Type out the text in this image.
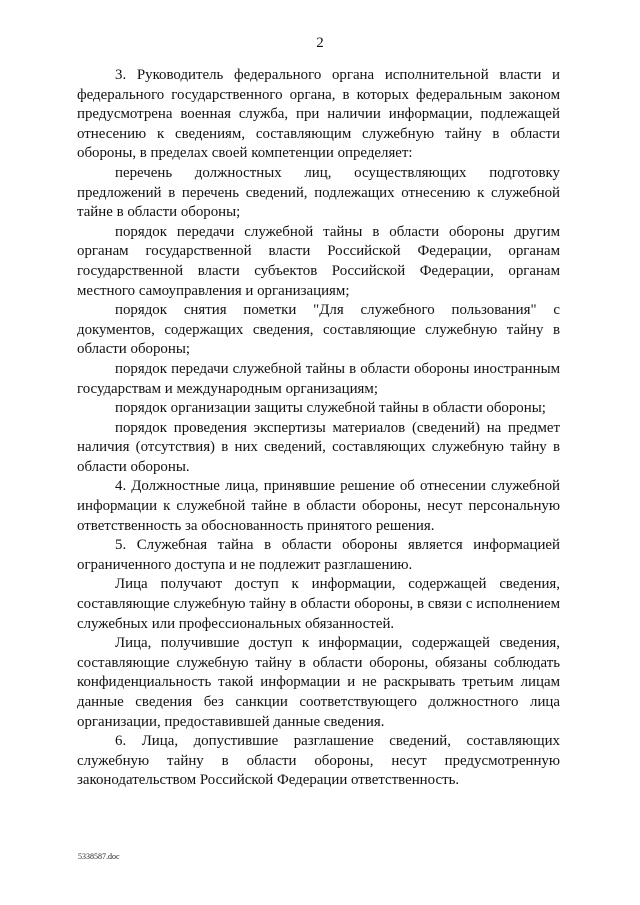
2

3. Руководитель федерального органа исполнительной власти и федерального государственного органа, в которых федеральным законом предусмотрена военная служба, при наличии информации, подлежащей отнесению к сведениям, составляющим служебную тайну в области обороны, в пределах своей компетенции определяет:

перечень должностных лиц, осуществляющих подготовку предложений в перечень сведений, подлежащих отнесению к служебной тайне в области обороны;

порядок передачи служебной тайны в области обороны другим органам государственной власти Российской Федерации, органам государственной власти субъектов Российской Федерации, органам местного самоуправления и организациям;

порядок снятия пометки "Для служебного пользования" с документов, содержащих сведения, составляющие служебную тайну в области обороны;

порядок передачи служебной тайны в области обороны иностранным государствам и международным организациям;

порядок организации защиты служебной тайны в области обороны;

порядок проведения экспертизы материалов (сведений) на предмет наличия (отсутствия) в них сведений, составляющих служебную тайну в области обороны.

4. Должностные лица, принявшие решение об отнесении служебной информации к служебной тайне в области обороны, несут персональную ответственность за обоснованность принятого решения.

5. Служебная тайна в области обороны является информацией ограниченного доступа и не подлежит разглашению.

Лица получают доступ к информации, содержащей сведения, составляющие служебную тайну в области обороны, в связи с исполнением служебных или профессиональных обязанностей.

Лица, получившие доступ к информации, содержащей сведения, составляющие служебную тайну в области обороны, обязаны соблюдать конфиденциальность такой информации и не раскрывать третьим лицам данные сведения без санкции соответствующего должностного лица организации, предоставившей данные сведения.

6. Лица, допустившие разглашение сведений, составляющих служебную тайну в области обороны, несут предусмотренную законодательством Российской Федерации ответственность.

5338587.doc
